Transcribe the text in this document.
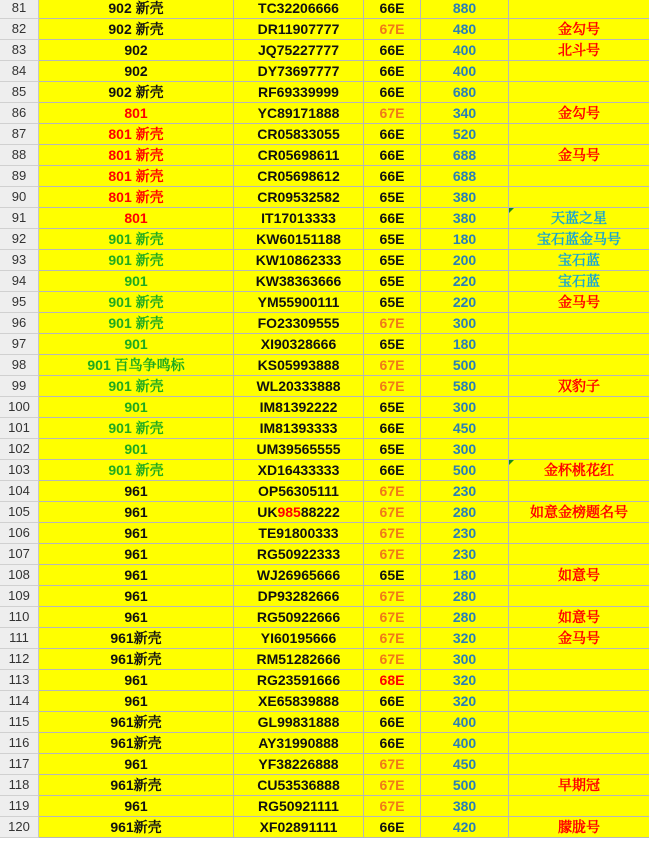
81	902 新壳	TC32206666	66E	880
82	902 新壳	DR11907777	67E	480	金勾号
83	902	JQ75227777	66E	400	北斗号
84	902	DY73697777	66E	400
85	902 新壳	RF69339999	66E	680
86	801	YC89171888	67E	340	金勾号
87	801 新壳	CR05833055	66E	520
88	801 新壳	CR05698611	66E	688	金马号
89	801 新壳	CR05698612	66E	688
90	801 新壳	CR09532582	65E	380
91	801	IT17013333	66E	380	天蓝之星
92	901 新壳	KW60151188	65E	180	宝石蓝金马号
93	901 新壳	KW10862333	65E	200	宝石蓝
94	901	KW38363666	65E	220	宝石蓝
95	901 新壳	YM55900111	65E	220	金马号
96	901 新壳	FO23309555	67E	300
97	901	XI90328666	65E	180
98	901 百鸟争鸣标	KS05993888	67E	500
99	901 新壳	WL20333888	67E	580	双豹子
100	901	IM81392222	65E	300
101	901 新壳	IM81393333	66E	450
102	901	UM39565555	65E	300
103	901 新壳	XD16433333	66E	500	金杯桃花红
104	961	OP56305111	67E	230
105	961	UK98588222	67E	280	如意金榜题名号
106	961	TE91800333	67E	230
107	961	RG50922333	67E	230
108	961	WJ26965666	65E	180	如意号
109	961	DP93282666	67E	280
110	961	RG50922666	67E	280	如意号
111	961新壳	YI60195666	67E	320	金马号
112	961新壳	RM51282666	67E	300
113	961	RG23591666	68E	320
114	961	XE65839888	66E	320
115	961新壳	GL99831888	66E	400
116	961新壳	AY31990888	66E	400
117	961	YF38226888	67E	450
118	961新壳	CU53536888	67E	500	早期冠
119	961	RG50921111	67E	380
120	961新壳	XF02891111	66E	420	朦胧号
